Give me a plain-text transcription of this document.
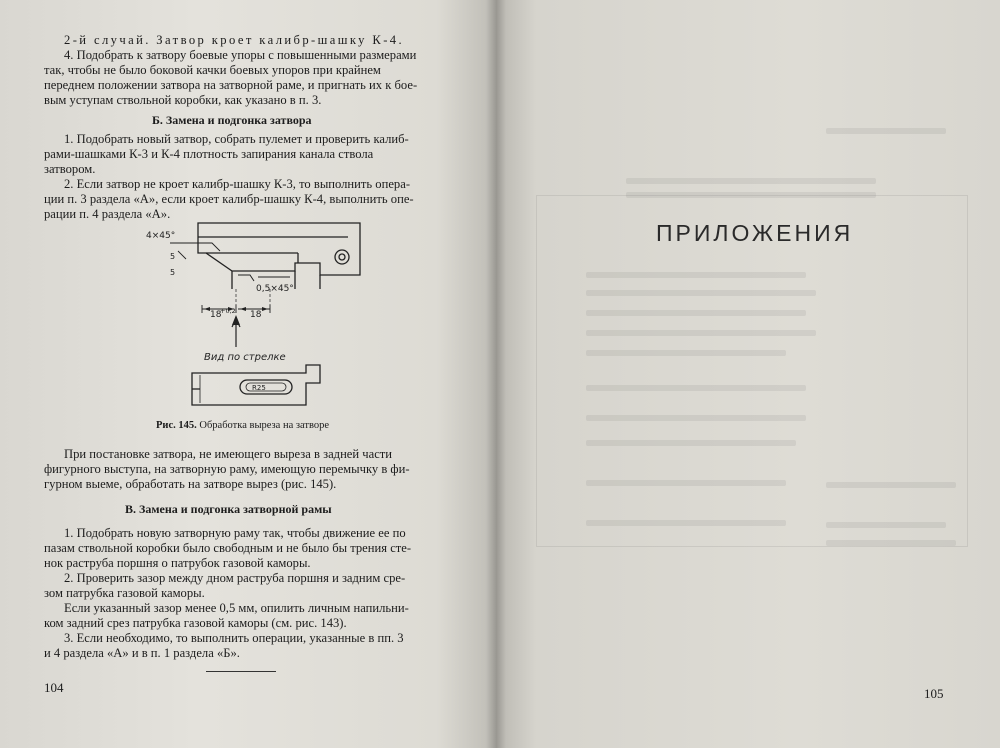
2-й случай. Затвор кроет калибр-шашку К-4.
4. Подобрать к затвору боевые упоры с повышенными размерами
так, чтобы не было боковой качки боевых упоров при крайнем
переднем положении затвора на затворной раме, и пригнать их к бое-
вым уступам ствольной коробки, как указано в п. 3.
Б. Замена и подгонка затвора
1. Подобрать новый затвор, собрать пулемет и проверить калиб-
рами-шашками К-3 и К-4 плотность запирания канала ствола
затвором.
2. Если затвор не кроет калибр-шашку К-3, то выполнить опера-
ции п. 3 раздела «А», если кроет калибр-шашку К-4, выполнить опе-
рации п. 4 раздела «А».
4×45°
0,5×45°
5
5
18
+0,2 18
Вид по стрелке
R25
Рис. 145. Обработка выреза на затворе
При постановке затвора, не имеющего выреза в задней части
фигурного выступа, на затворную раму, имеющую перемычку в фи-
гурном выеме, обработать на затворе вырез (рис. 145).
В. Замена и подгонка затворной рамы
1. Подобрать новую затворную раму так, чтобы движение ее по
пазам ствольной коробки было свободным и не было бы трения сте-
нок раструба поршня о патрубок газовой каморы.
2. Проверить зазор между дном раструба поршня и задним сре-
зом патрубка газовой каморы.
Если указанный зазор менее 0,5 мм, опилить личным напильни-
ком задний срез патрубка газовой каморы (см. рис. 143).
3. Если необходимо, то выполнить операции, указанные в пп. 3
и 4 раздела «А» и в п. 1 раздела «Б».
104
ПРИЛОЖЕНИЯ
105
